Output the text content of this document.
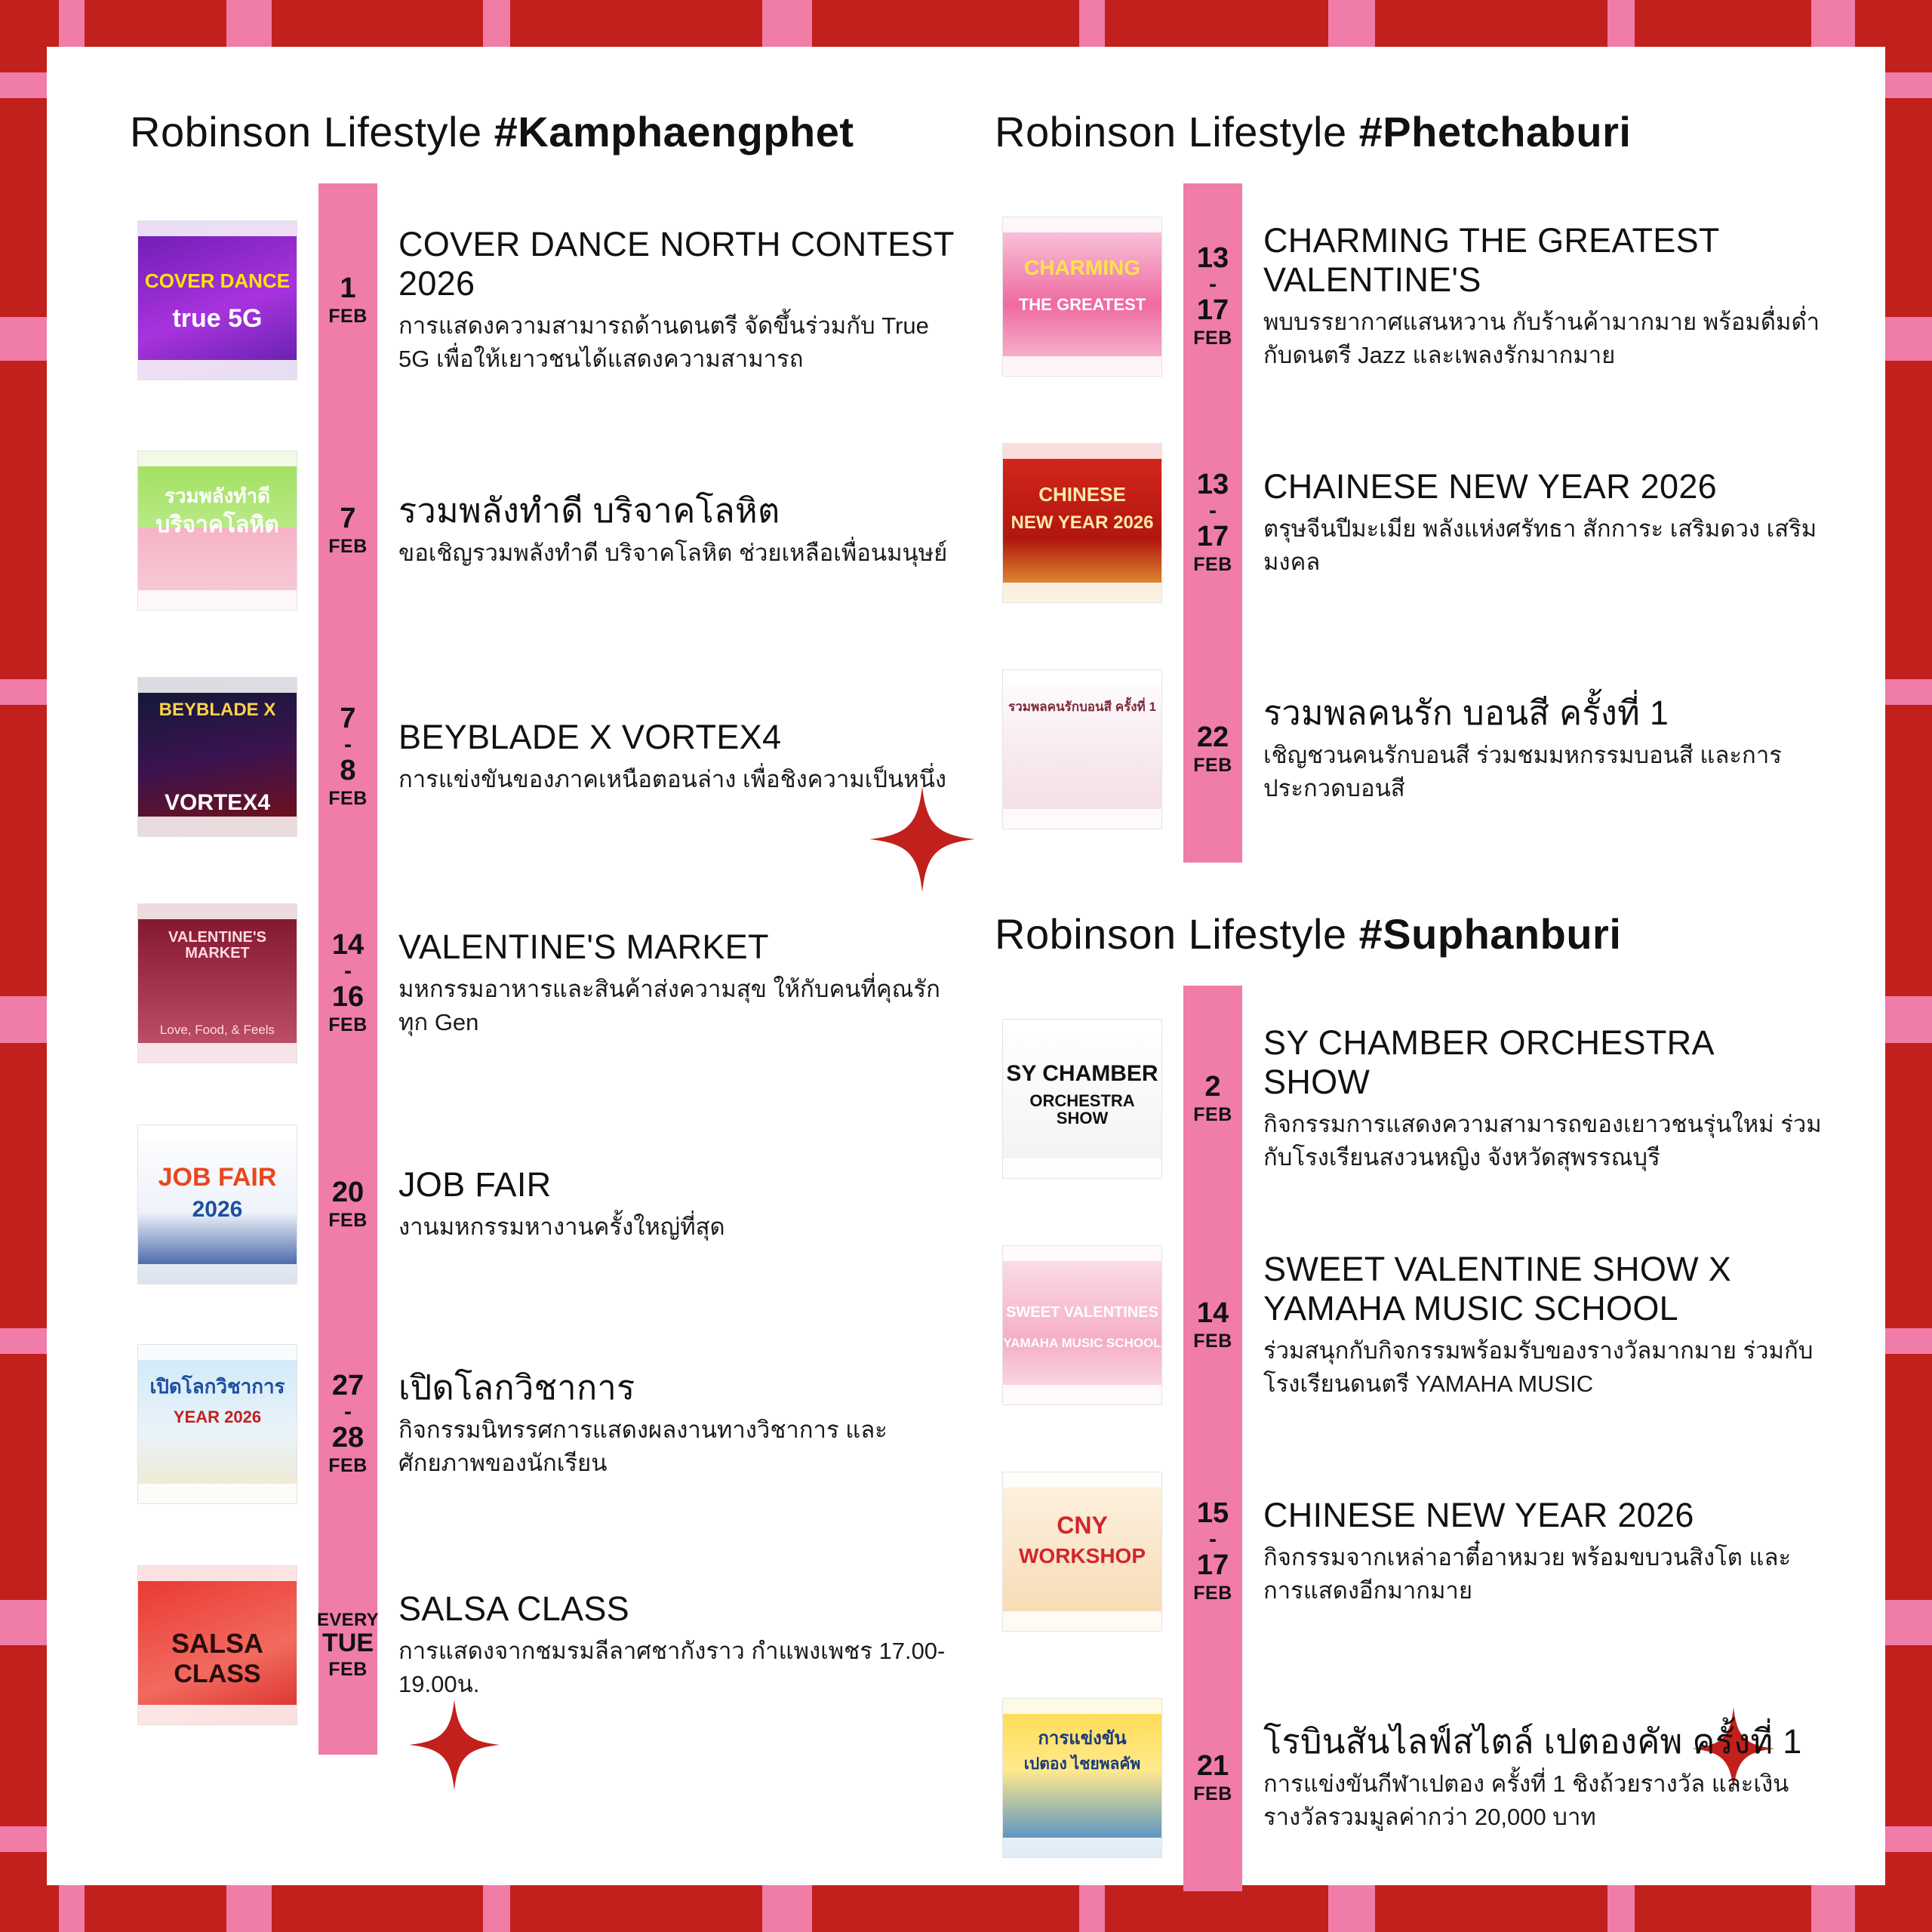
Robinson Lifestyle #Kamphaengphet
COVER DANCE
true 5G
รวมพลังทำดี
บริจาคโลหิต
BEYBLADE X
VORTEX4
VALENTINE'S MARKET
Love, Food, & Feels
JOB FAIR
2026
เปิดโลกวิชาการ
YEAR 2026
SALSA
CLASS
1
FEB
7
FEB
7
-
8
FEB
14
-
16
FEB
20
FEB
27
-
28
FEB
EVERY
TUE
FEB
COVER DANCE NORTH CONTEST 2026
การแสดงความสามารถด้านดนตรี จัดขึ้นร่วมกับ True 5G เพื่อให้เยาวชนได้แสดงความสามารถ
รวมพลังทำดี บริจาคโลหิต
ขอเชิญรวมพลังทำดี บริจาคโลหิต ช่วยเหลือเพื่อนมนุษย์
BEYBLADE X VORTEX4
การแข่งขันของภาคเหนือตอนล่าง เพื่อชิงความเป็นหนึ่ง
VALENTINE'S MARKET
มหกรรมอาหารและสินค้าส่งความสุข ให้กับคนที่คุณรัก ทุก Gen
JOB FAIR
งานมหกรรมหางานครั้งใหญ่ที่สุด
เปิดโลกวิชาการ
กิจกรรมนิทรรศการแสดงผลงานทางวิชาการ และศักยภาพของนักเรียน
SALSA CLASS
การแสดงจากชมรมลีลาศชากังราว กำแพงเพชร 17.00-19.00น.
Robinson Lifestyle #Phetchaburi
CHARMING
THE GREATEST
CHINESE
NEW YEAR 2026
รวมพลคนรักบอนสี ครั้งที่ 1
13
-
17
FEB
13
-
17
FEB
22
FEB
CHARMING THE GREATEST VALENTINE'S
พบบรรยากาศแสนหวาน กับร้านค้ามากมาย พร้อมดื่มด่ำกับดนตรี Jazz และเพลงรักมากมาย
CHAINESE NEW YEAR 2026
ตรุษจีนปีมะเมีย พลังแห่งศรัทธา สักการะ เสริมดวง เสริมมงคล
รวมพลคนรัก บอนสี ครั้งที่ 1
เชิญชวนคนรักบอนสี ร่วมชมมหกรรมบอนสี และการประกวดบอนสี
Robinson Lifestyle #Suphanburi
SY CHAMBER
ORCHESTRA SHOW
SWEET VALENTINES
YAMAHA MUSIC SCHOOL
CNY
WORKSHOP
การแข่งขัน
เปตอง ไชยพลคัพ
2
FEB
14
FEB
15
-
17
FEB
21
FEB
SY CHAMBER ORCHESTRA SHOW
กิจกรรมการแสดงความสามารถของเยาวชนรุ่นใหม่ ร่วมกับโรงเรียนสงวนหญิง จังหวัดสุพรรณบุรี
SWEET VALENTINE SHOW X YAMAHA MUSIC SCHOOL
ร่วมสนุกกับกิจกรรมพร้อมรับของรางวัลมากมาย ร่วมกับโรงเรียนดนตรี YAMAHA MUSIC
CHINESE NEW YEAR 2026
กิจกรรมจากเหล่าอาตี๋อาหมวย พร้อมขบวนสิงโต และการแสดงอีกมากมาย
โรบินสันไลฟ์สไตล์ เปตองคัพ ครั้งที่ 1
การแข่งขันกีฬาเปตอง ครั้งที่ 1 ชิงถ้วยรางวัล และเงินรางวัลรวมมูลค่ากว่า 20,000 บาท
